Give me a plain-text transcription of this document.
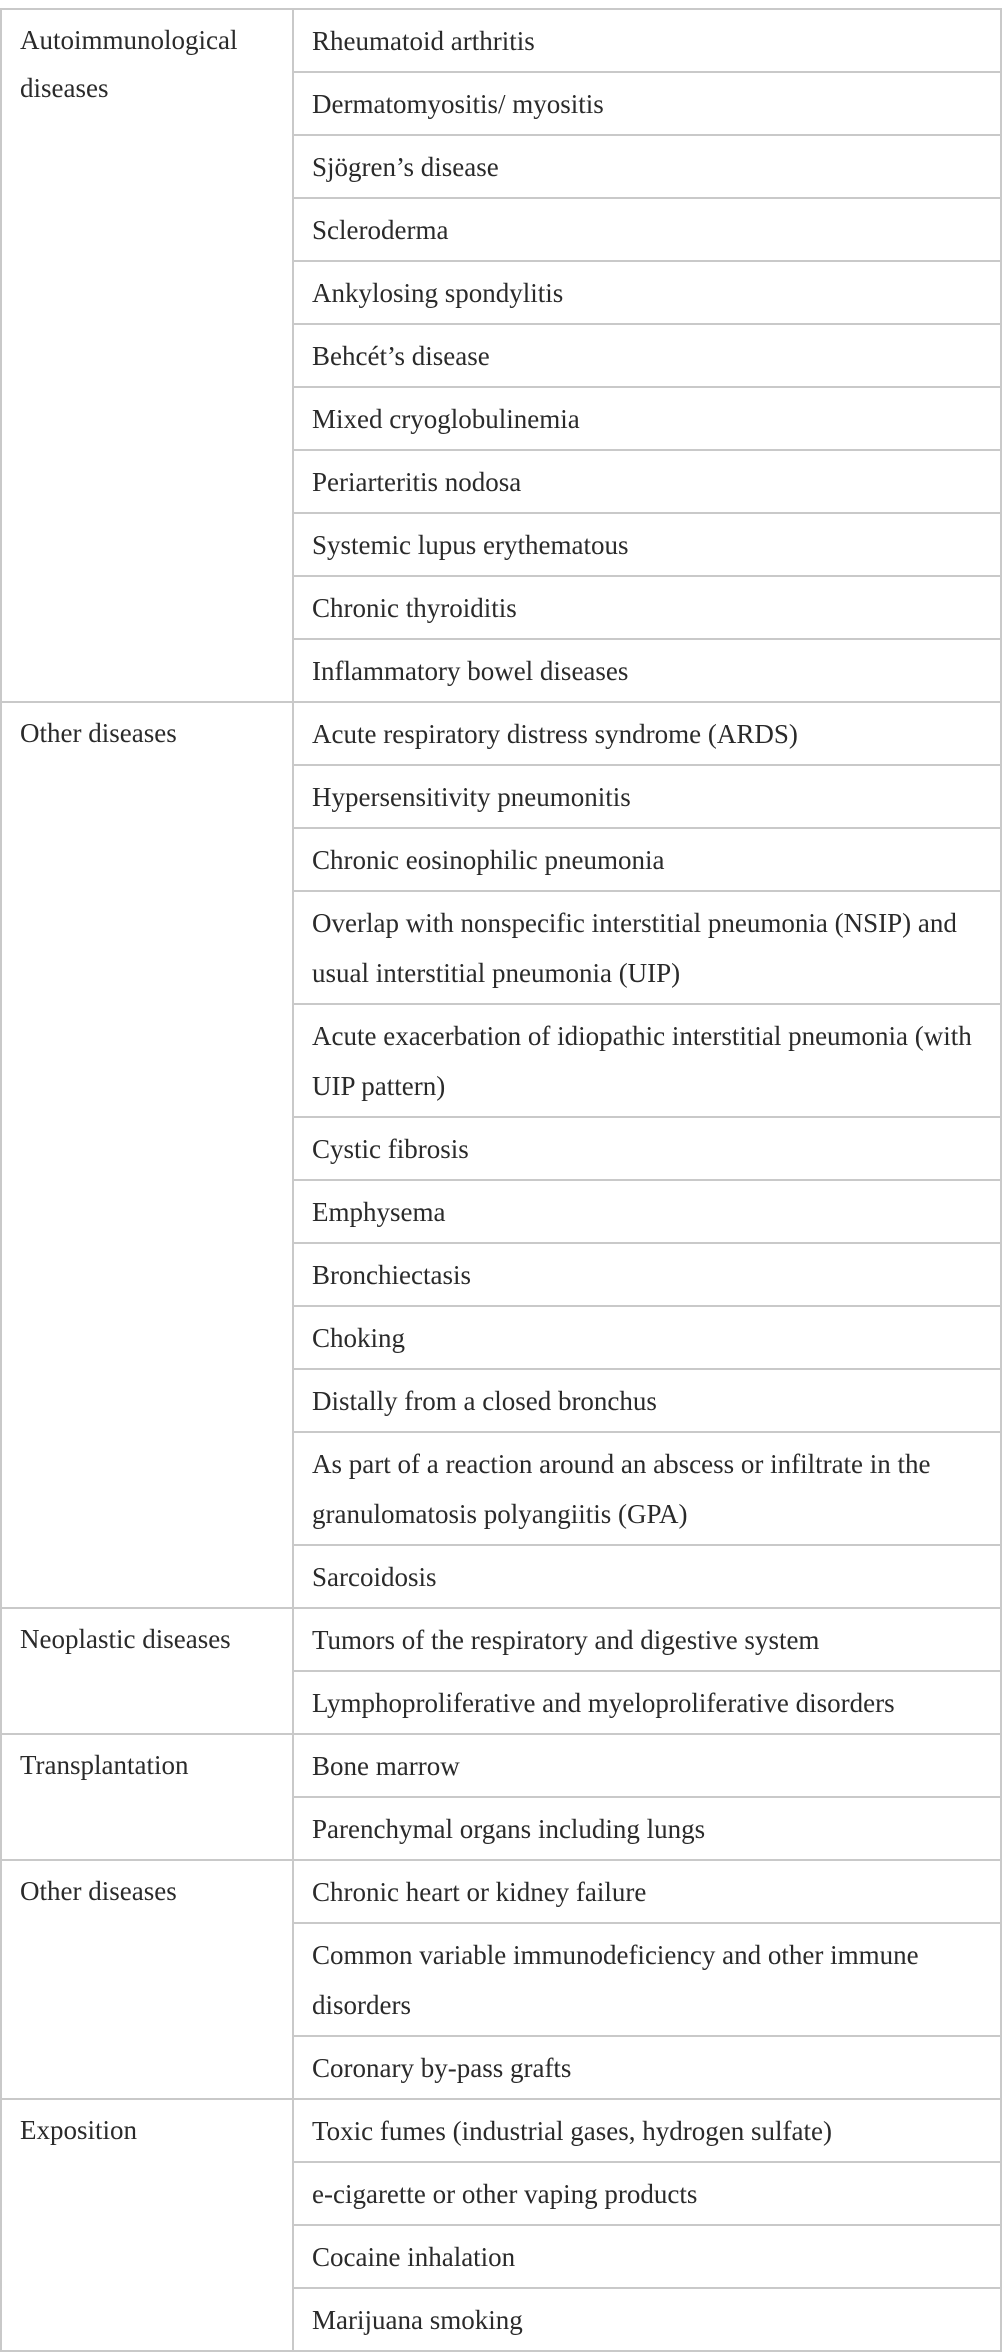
Autoimmunological diseases	Rheumatoid arthritis
	Dermatomyositis/ myositis
	Sjögren’s disease
	Scleroderma
	Ankylosing spondylitis
	Behcét’s disease
	Mixed cryoglobulinemia
	Periarteritis nodosa
	Systemic lupus erythematous
	Chronic thyroiditis
	Inflammatory bowel diseases
Other diseases	Acute respiratory distress syndrome (ARDS)
	Hypersensitivity pneumonitis
	Chronic eosinophilic pneumonia
	Overlap with nonspecific interstitial pneumonia (NSIP) and usual interstitial pneumonia (UIP)
	Acute exacerbation of idiopathic interstitial pneumonia (with UIP pattern)
	Cystic fibrosis
	Emphysema
	Bronchiectasis
	Choking
	Distally from a closed bronchus
	As part of a reaction around an abscess or infiltrate in the granulomatosis polyangiitis (GPA)
	Sarcoidosis
Neoplastic diseases	Tumors of the respiratory and digestive system
	Lymphoproliferative and myeloproliferative disorders
Transplantation	Bone marrow
	Parenchymal organs including lungs
Other diseases	Chronic heart or kidney failure
	Common variable immunodeficiency and other immune disorders
	Coronary by-pass grafts
Exposition	Toxic fumes (industrial gases, hydrogen sulfate)
	e-cigarette or other vaping products
	Cocaine inhalation
	Marijuana smoking
